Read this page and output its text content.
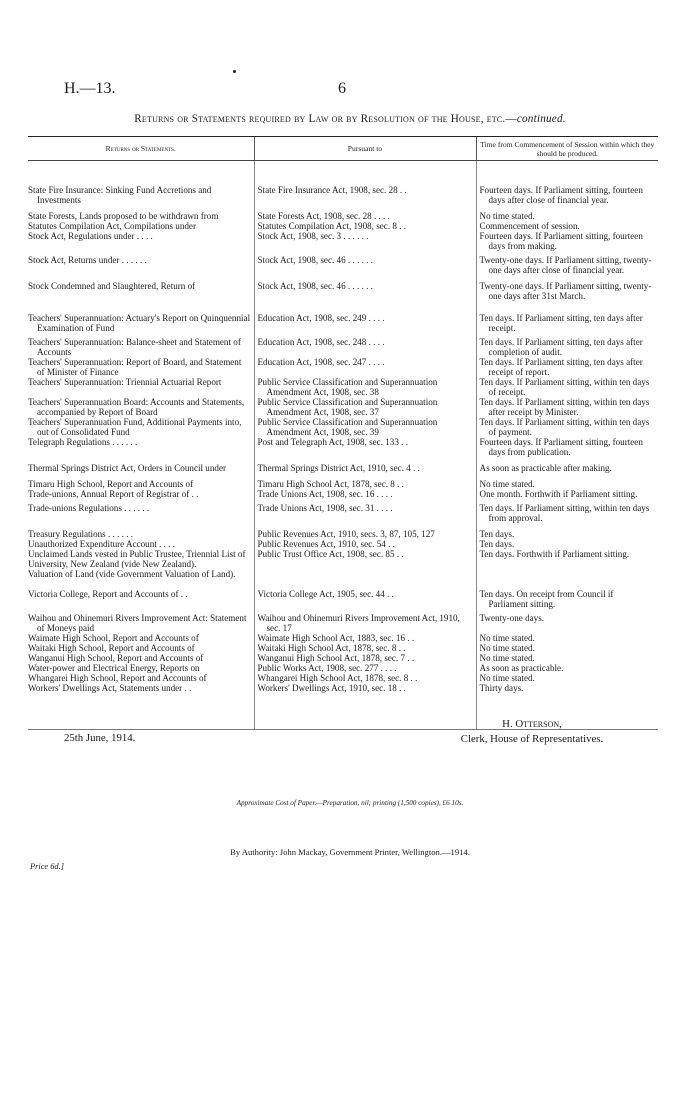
H.—13.	6
Returns or Statements required by Law or by Resolution of the House, etc.—continued.
Returns or Statements.	Pursuant to	Time from Commencement of Session within which they should be produced.

State Fire Insurance: Sinking Fund Accretions and Investments	State Fire Insurance Act, 1908, sec. 28 . .	Fourteen days. If Parliament sitting, fourteen days after close of financial year.

State Forests, Lands proposed to be withdrawn from	State Forests Act, 1908, sec. 28 . . . .	No time stated.

Statutes Compilation Act, Compilations under	Statutes Compilation Act, 1908, sec. 8 . .	Commencement of session.

Stock Act, Regulations under . . . .	Stock Act, 1908, sec. 3 . . . . . .	Fourteen days. If Parliament sitting, fourteen days from making.

Stock Act, Returns under . . . . . .	Stock Act, 1908, sec. 46 . . . . . .	Twenty-one days. If Parliament sitting, twenty-one days after close of financial year.

Stock Condemned and Slaughtered, Return of	Stock Act, 1908, sec. 46 . . . . . .	Twenty-one days. If Parliament sitting, twenty-one days after 31st March.

Teachers' Superannuation: Actuary's Report on Quinquennial Examination of Fund	Education Act, 1908, sec. 249 . . . .	Ten days. If Parliament sitting, ten days after receipt.

Teachers' Superannuation: Balance-sheet and Statement of Accounts	Education Act, 1908, sec. 248 . . . .	Ten days. If Parliament sitting, ten days after completion of audit.

Teachers' Superannuation: Report of Board, and Statement of Minister of Finance	Education Act, 1908, sec. 247 . . . .	Ten days. If Parliament sitting, ten days after receipt of report.

Teachers' Superannuation: Triennial Actuarial Report	Public Service Classification and Superannuation Amendment Act, 1908, sec. 38	Ten days. If Parliament sitting, within ten days of receipt.

Teachers' Superannuation Board: Accounts and Statements, accompanied by Report of Board	Public Service Classification and Superannuation Amendment Act, 1908, sec. 37	Ten days. If Parliament sitting, within ten days after receipt by Minister.

Teachers' Superannuation Fund, Additional Payments into, out of Consolidated Fund	Public Service Classification and Superannuation Amendment Act, 1908, sec. 39	Ten days. If Parliament sitting, within ten days of payment.

Telegraph Regulations . . . . . .	Post and Telegraph Act, 1908, sec. 133 . .	Fourteen days. If Parliament sitting, fourteen days from publication.

Thermal Springs District Act, Orders in Council under	Thermal Springs District Act, 1910, sec. 4 . .	As soon as practicable after making.

Timaru High School, Report and Accounts of	Timaru High School Act, 1878, sec. 8 . .	No time stated.

Trade-unions, Annual Report of Registrar of . .	Trade Unions Act, 1908, sec. 16 . . . .	One month. Forthwith if Parliament sitting.

Trade-unions Regulations . . . . . .	Trade Unions Act, 1908, sec. 31 . . . .	Ten days. If Parliament sitting, within ten days from approval.

Treasury Regulations . . . . . .	Public Revenues Act, 1910, secs. 3, 87, 105, 127	Ten days.

Unauthorized Expenditure Account . . . .	Public Revenues Act, 1910, sec. 54 . .	Ten days.

Unclaimed Lands vested in Public Trustee, Triennial List of	Public Trust Office Act, 1908, sec. 85 . .	Ten days. Forthwith if Parliament sitting.

University, New Zealand (vide New Zealand).		

Valuation of Land (vide Government Valuation of Land).		

Victoria College, Report and Accounts of . .	Victoria College Act, 1905, sec. 44 . .	Ten days. On receipt from Council if Parliament sitting.

Waihou and Ohinemuri Rivers Improvement Act: Statement of Moneys paid	Waihou and Ohinemuri Rivers Improvement Act, 1910, sec. 17	Twenty-one days.

Waimate High School, Report and Accounts of	Waimate High School Act, 1883, sec. 16 . .	No time stated.

Waitaki High School, Report and Accounts of	Waitaki High School Act, 1878, sec. 8 . .	No time stated.

Wanganui High School, Report and Accounts of	Wanganui High School Act, 1878, sec. 7 . .	No time stated.

Water-power and Electrical Energy, Reports on	Public Works Act, 1908, sec. 277 . . . .	As soon as practicable.

Whangarei High School, Report and Accounts of	Whangarei High School Act, 1878, sec. 8 . .	No time stated.

Workers' Dwellings Act, Statements under . .	Workers' Dwellings Act, 1910, sec. 18 . .	Thirty days.

25th June, 1914.
H. Otterson,
Clerk, House of Representatives.
Approximate Cost of Paper.—Preparation, nil; printing (1,500 copies), £6 10s.
By Authority: John Mackay, Government Printer, Wellington.—1914.
Price 6d.]
